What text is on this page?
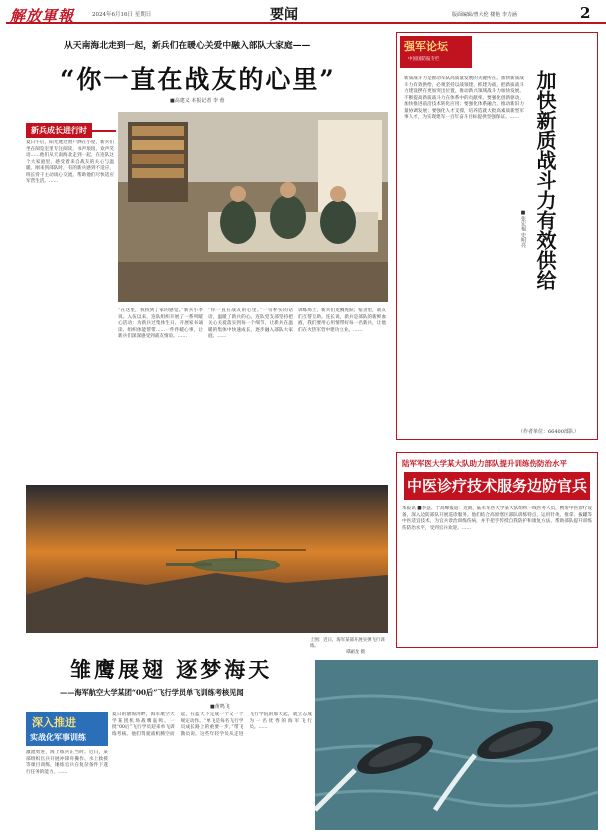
解放軍報	2024年6月16日 星期日	要闻	版面编辑/曾大伦 楼艳 李力涵	2
从天南海北走到一起，新兵们在暖心关爱中融入部队大家庭——
“你一直在战友的心里”
■高建义 本报记者 李 蓉
新兵成长进行时
夏日午后，阳光透过窗户洒在小屋，新兵们坐在阅览室里专注阅读，书声琅琅，欢声笑语……他们从天南海北走到一起，在连队这个大家庭里，感受着来自战友的关心与温暖。刚来到部队时，有的新兵感到不适应，班长骨干主动谈心交流，帮助他们尽快适应军营生活。……
“在这里，我找到了家的感觉。”新兵小李说。入伍以来，连队组织开展了一系列暖心活动：为新兵过集体生日、开展家书诵读、组织体能帮带……一件件暖心事，让新兵们深深感受到战友情谊。……
“你一直在战友的心里。”一句朴实的话语，温暖了新兵的心。连队党支部坚持把关心关爱落实到每一个细节，让新兵在温暖的集体中快速成长，逐步融入部队大家庭。……
训练场上，新兵们龙腾虎跃；宿舍里，战友们互帮互助。连长说，新兵是部队的新鲜血液，我们要用心用情带好每一名新兵，让他们在火热军营中建功立业。……
强军论坛
中国国防报专栏
新质战斗力是推动军队高质量发展的关键所在。加快新质战斗力有效供给，必须坚持以战领建、抓建为战，把新质战斗力建设摆在更加突出位置，推动新兴领域战斗力加快发展，不断提高新质战斗力在体系中的贡献率。要强化创新驱动，加快推进前沿技术转化应用；要强化体系融合，推动新旧力量协调发展；要强化人才支撑，培养造就大批高素质新型军事人才，为实现建军一百年奋斗目标提供坚强保证。…… 加快新质战斗力有效供给
■张宏福 史明亮
（作者单位：66400部队）
陆军军医大学某大队助力部队提升训练伤防治水平
中医诊疗技术服务边防官兵
本报讯 ■李慧、于高峰报道：近期，陆军军医大学某大队组织一线医务人员，携带中医诊疗设备，深入边防部队开展巡诊服务。他们结合高原寒区部队训练特点，运用针灸、推拿、拔罐等中医适宜技术，为官兵诊治训练伤病，并手把手传授自我防护和康复方法，帮助部队提升训练伤防治水平，受到官兵欢迎。……
上图：近日，海军某部开展实弹飞行训练。
谭嗣龙 摄
雏鹰展翅 逐梦海天
——海军航空大学某团“00后”飞行学员单飞训练考核见闻
■黄鸣飞
深入推进
实战化军事训练
激流勇进，海上练兵正当时。近日，某部组织官兵开展冲锋舟操作、水上救援等课目训练，锤炼官兵在复杂条件下遂行任务的能力。……
夏日的渤海湾畔，海军航空大学某团机场战鹰轰鸣。一批“00后”飞行学员迎来单飞训练考核。他们驾驶战机腾空而起，在蓝天下完成一个又一个规定动作。“单飞是每名飞行学员成长路上的重要一步。”带飞教员说。这些年轻学员从走进飞行学院的那天起，就立志成为一名优秀的海军飞行员。……
